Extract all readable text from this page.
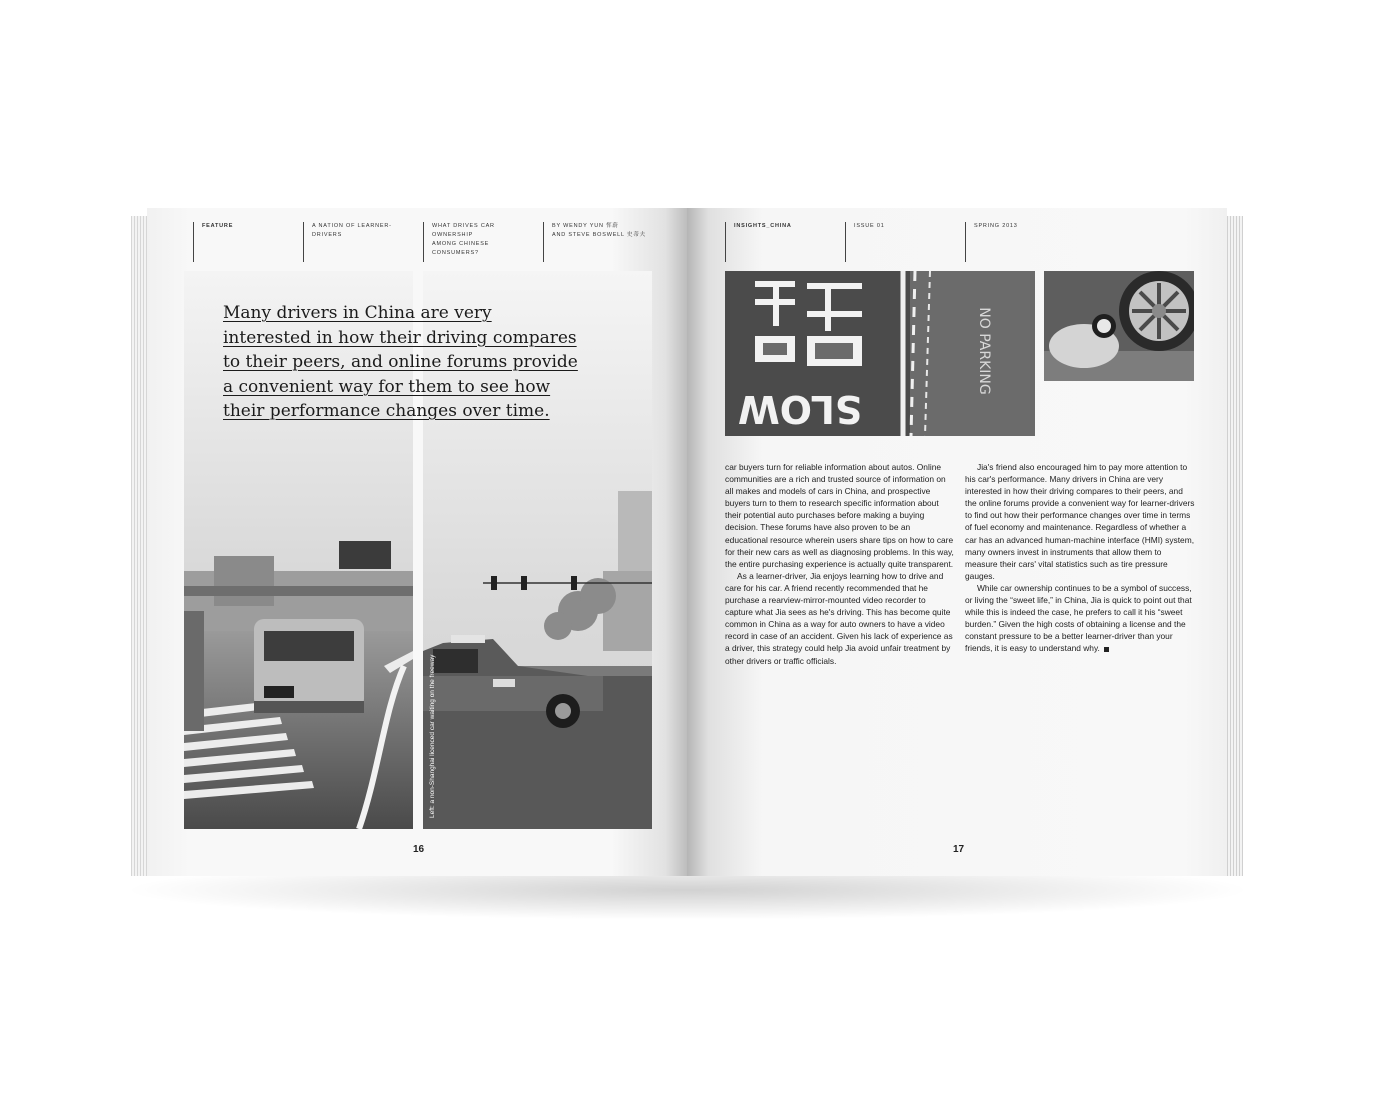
FEATURE	A NATION OF LEARNER-DRIVERS
WHAT DRIVES CAR OWNERSHIP
AMONG CHINESE CONSUMERS?
BY WENDY YUN 恽蔚
AND STEVE BOSWELL 史蒂夫
Many drivers in China are very
interested in how their driving compares
to their peers, and online forums provide
a convenient way for them to see how
their performance changes over time.
Left: a non-Shanghai licenced car waiting on the freeway
16
INSIGHTS_CHINA	ISSUE 01	SPRING 2013
SLOW
NO PARKING

car buyers turn for reliable information about autos. Online communities are a rich and trusted source of information on all makes and models of cars in China, and prospective buyers turn to them to research specific information about their potential auto purchases before making a buying decision. These forums have also proven to be an educational resource wherein users share tips on how to care for their new cars as well as diagnosing problems. In this way, the entire purchasing experience is actually quite transparent.

As a learner-driver, Jia enjoys learning how to drive and care for his car. A friend recently recommended that he purchase a rearview-mirror-mounted video recorder to capture what Jia sees as he's driving. This has become quite common in China as a way for auto owners to have a video record in case of an accident. Given his lack of experience as a driver, this strategy could help Jia avoid unfair treatment by other drivers or traffic officials.

Jia's friend also encouraged him to pay more attention to his car's performance. Many drivers in China are very interested in how their driving compares to their peers, and the online forums provide a convenient way for learner-drivers to find out how their performance changes over time in terms of fuel economy and maintenance. Regardless of whether a car has an advanced human-machine interface (HMI) system, many owners invest in instruments that allow them to measure their cars' vital statistics such as tire pressure gauges.

While car ownership continues to be a symbol of success, or living the “sweet life,” in China, Jia is quick to point out that while this is indeed the case, he prefers to call it his “sweet burden.” Given the high costs of obtaining a license and the constant pressure to be a better learner-driver than your friends, it is easy to understand why.

17
